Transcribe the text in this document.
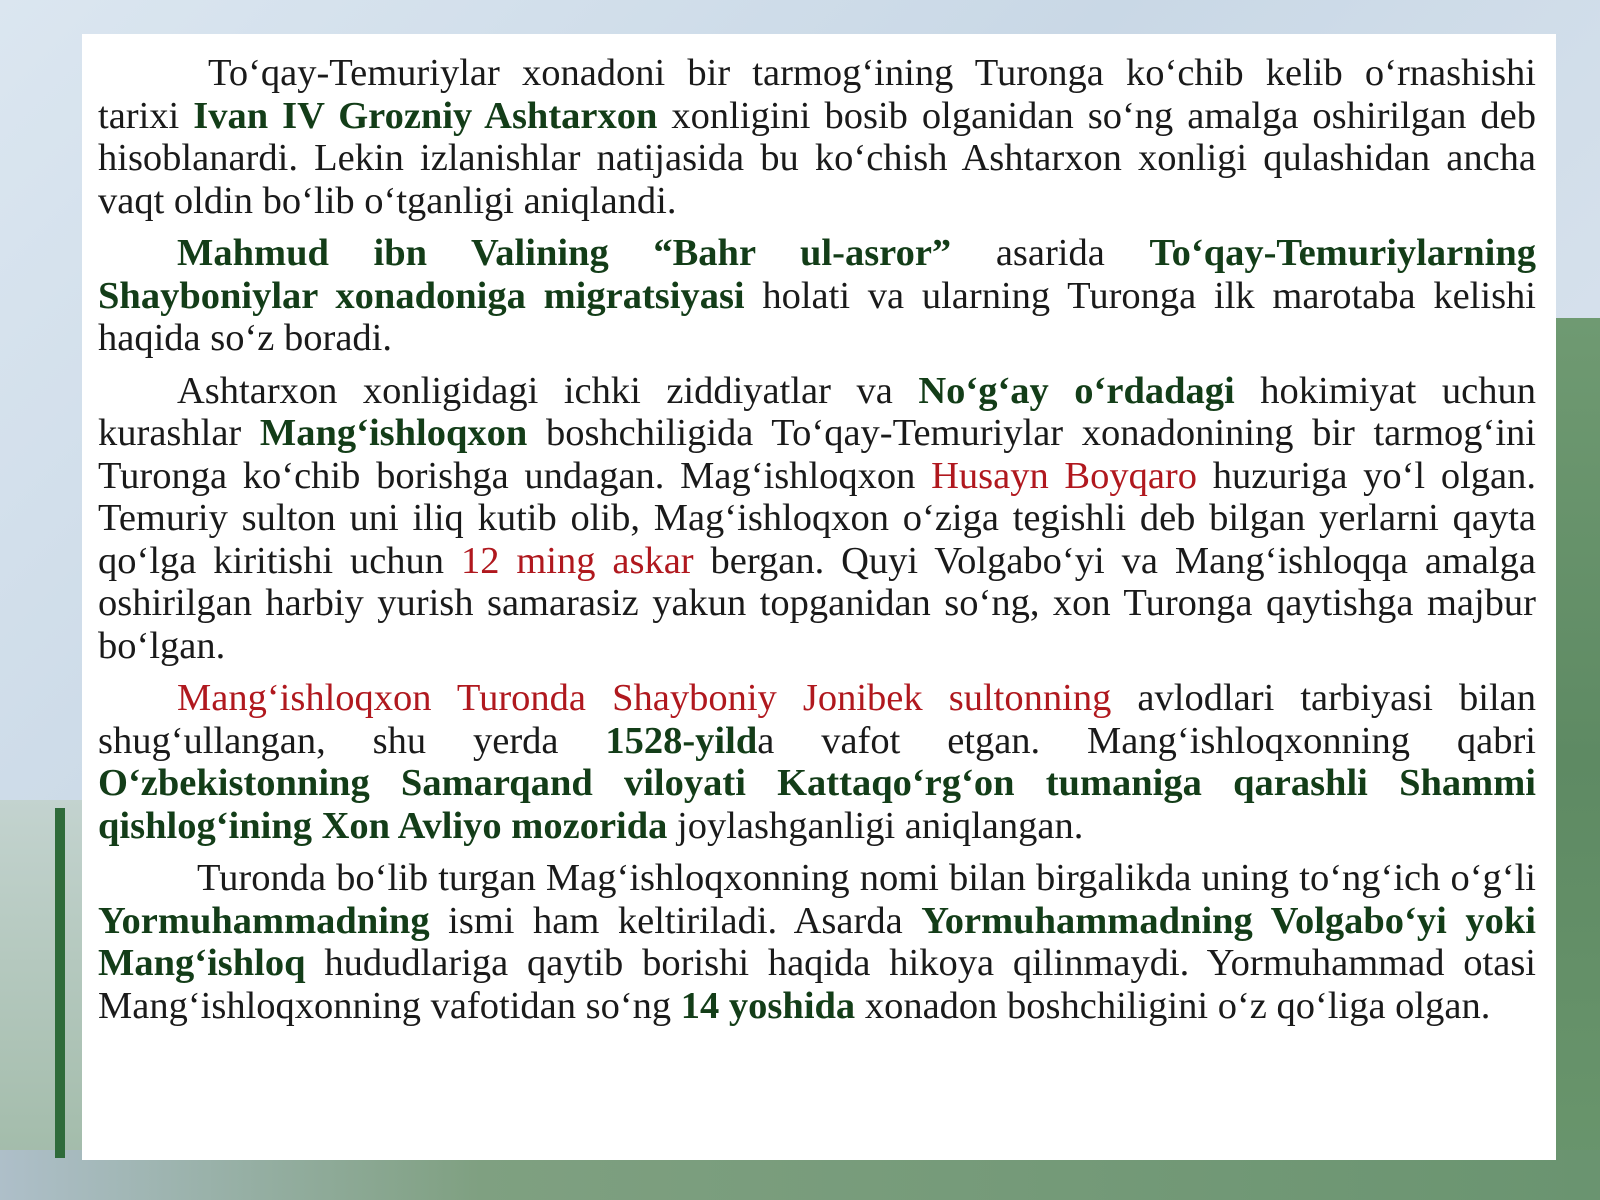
To‘qay-Temuriylar xonadoni bir tarmog‘ining Turonga ko‘chib kelib o‘rnashishi tarixi Ivan IV Grozniy Ashtarxon xonligini bosib olganidan so‘ng amalga oshirilgan deb hisoblanardi. Lekin izlanishlar natijasida bu ko‘chish Ashtarxon xonligi qulashidan ancha vaqt oldin bo‘lib o‘tganligi aniqlandi.

Mahmud ibn Valining “Bahr ul-asror” asarida To‘qay-Temuriylarning Shayboniylar xonadoniga migratsiyasi holati va ularning Turonga ilk marotaba kelishi haqida so‘z boradi.

Ashtarxon xonligidagi ichki ziddiyatlar va No‘g‘ay o‘rdadagi hokimiyat uchun kurashlar Mang‘ishloqxon boshchiligida To‘qay-Temuriylar xonadonining bir tarmog‘ini Turonga ko‘chib borishga undagan. Mag‘ishloqxon Husayn Boyqaro huzuriga yo‘l olgan. Temuriy sulton uni iliq kutib olib, Mag‘ishloqxon o‘ziga tegishli deb bilgan yerlarni qayta qo‘lga kiritishi uchun 12 ming askar bergan. Quyi Volgabo‘yi va Mang‘ishloqqa amalga oshirilgan harbiy yurish samarasiz yakun topganidan so‘ng, xon Turonga qaytishga majbur bo‘lgan.

Mang‘ishloqxon Turonda Shayboniy Jonibek sultonning avlodlari tarbiyasi bilan shug‘ullangan, shu yerda 1528-yilda vafot etgan. Mang‘ishloqxonning qabri O‘zbekistonning Samarqand viloyati Kattaqo‘rg‘on tumaniga qarashli Shammi qishlog‘ining Xon Avliyo mozorida joylashganligi aniqlangan.

Turonda bo‘lib turgan Mag‘ishloqxonning nomi bilan birgalikda uning to‘ng‘ich o‘g‘li Yormuhammadning ismi ham keltiriladi. Asarda Yormuhammadning Volgabo‘yi yoki Mang‘ishloq hududlariga qaytib borishi haqida hikoya qilinmaydi. Yormuhammad otasi Mang‘ishloqxonning vafotidan so‘ng 14 yoshida xonadon boshchiligini o‘z qo‘liga olgan.
